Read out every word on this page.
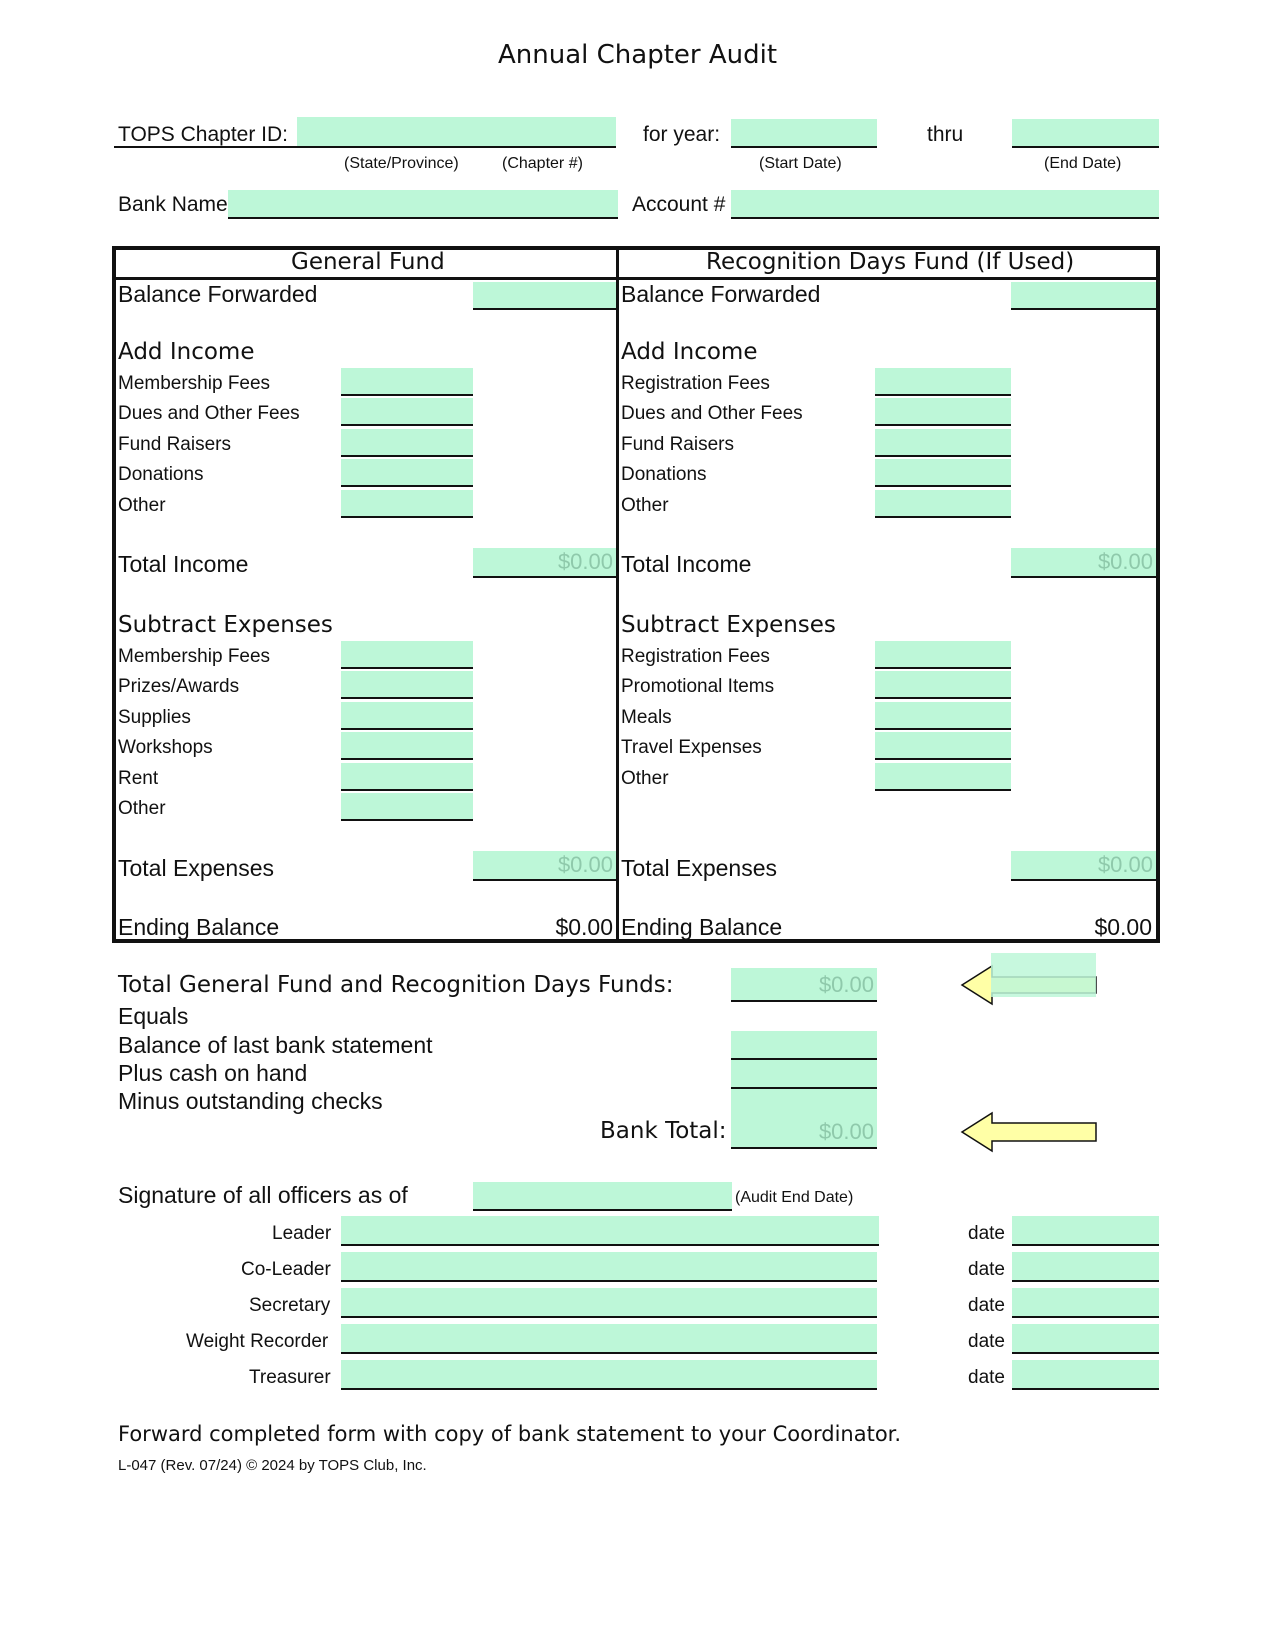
Annual Chapter Audit
TOPS Chapter ID:
(State/Province)	(Chapter #)
for year:
(Start Date)
thru
(End Date)
Bank Name	Account #
General Fund
Balance Forwarded
Add Income
Membership Fees
Dues and Other Fees
Fund Raisers
Donations
Other
Total Income	$0.00
Subtract Expenses
Membership Fees
Prizes/Awards
Supplies
Workshops
Rent
Other
Total Expenses	$0.00
Ending Balance	$0.00
Recognition Days Fund (If Used)
Balance Forwarded
Add Income
Registration Fees
Dues and Other Fees
Fund Raisers
Donations
Other
Total Income	$0.00
Subtract Expenses
Registration Fees
Promotional Items
Meals
Travel Expenses
Other
Total Expenses	$0.00
Ending Balance	$0.00
Total General Fund and Recognition Days Funds:	$0.00
Equals
Balance of last bank statement
Plus cash on hand
Minus outstanding checks
Bank Total:	$0.00
Signature of all officers as of	(Audit End Date)
Leader	date
Co-Leader	date
Secretary	date
Weight Recorder	date
Treasurer	date
Forward completed form with copy of bank statement to your Coordinator.
L-047 (Rev. 07/24) © 2024 by TOPS Club, Inc.
